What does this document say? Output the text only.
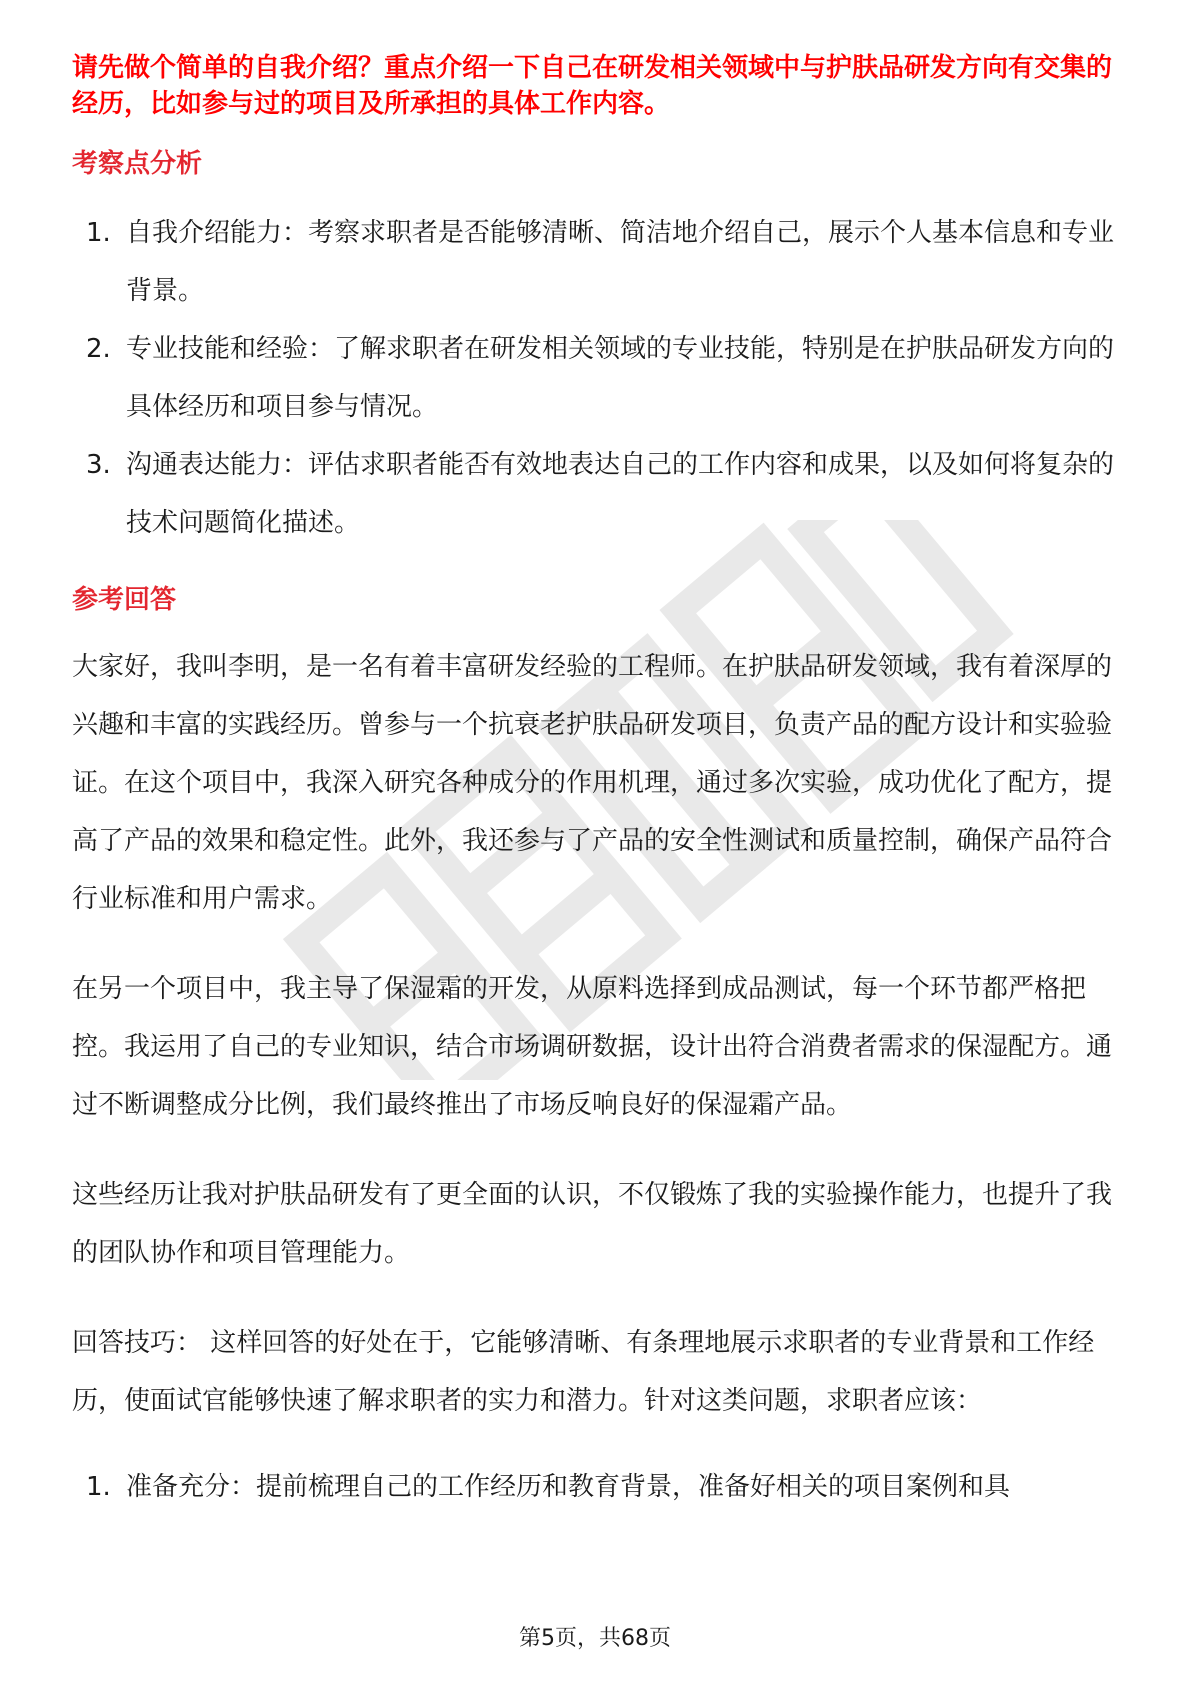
请先做个简单的自我介绍？重点介绍一下自己在研发相关领域中与护肤品研发方向有交集的经历，比如参与过的项目及所承担的具体工作内容。

考察点分析
1. 自我介绍能力：考察求职者是否能够清晰、简洁地介绍自己，展示个人基本信息和专业背景。
2. 专业技能和经验：了解求职者在研发相关领域的专业技能，特别是在护肤品研发方向的具体经历和项目参与情况。
3. 沟通表达能力：评估求职者能否有效地表达自己的工作内容和成果，以及如何将复杂的技术问题简化描述。
参考回答

大家好，我叫李明，是一名有着丰富研发经验的工程师。在护肤品研发领域，我有着深厚的兴趣和丰富的实践经历。曾参与一个抗衰老护肤品研发项目，负责产品的配方设计和实验验证。在这个项目中，我深入研究各种成分的作用机理，通过多次实验，成功优化了配方，提高了产品的效果和稳定性。此外，我还参与了产品的安全性测试和质量控制，确保产品符合行业标准和用户需求。

在另一个项目中，我主导了保湿霜的开发，从原料选择到成品测试，每一个环节都严格把控。我运用了自己的专业知识，结合市场调研数据，设计出符合消费者需求的保湿配方。通过不断调整成分比例，我们最终推出了市场反响良好的保湿霜产品。

这些经历让我对护肤品研发有了更全面的认识，不仅锻炼了我的实验操作能力，也提升了我的团队协作和项目管理能力。

回答技巧： 这样回答的好处在于，它能够清晰、有条理地展示求职者的专业背景和工作经历，使面试官能够快速了解求职者的实力和潜力。针对这类问题，求职者应该：

1. 准备充分：提前梳理自己的工作经历和教育背景，准备好相关的项目案例和具
第5页，共68页
